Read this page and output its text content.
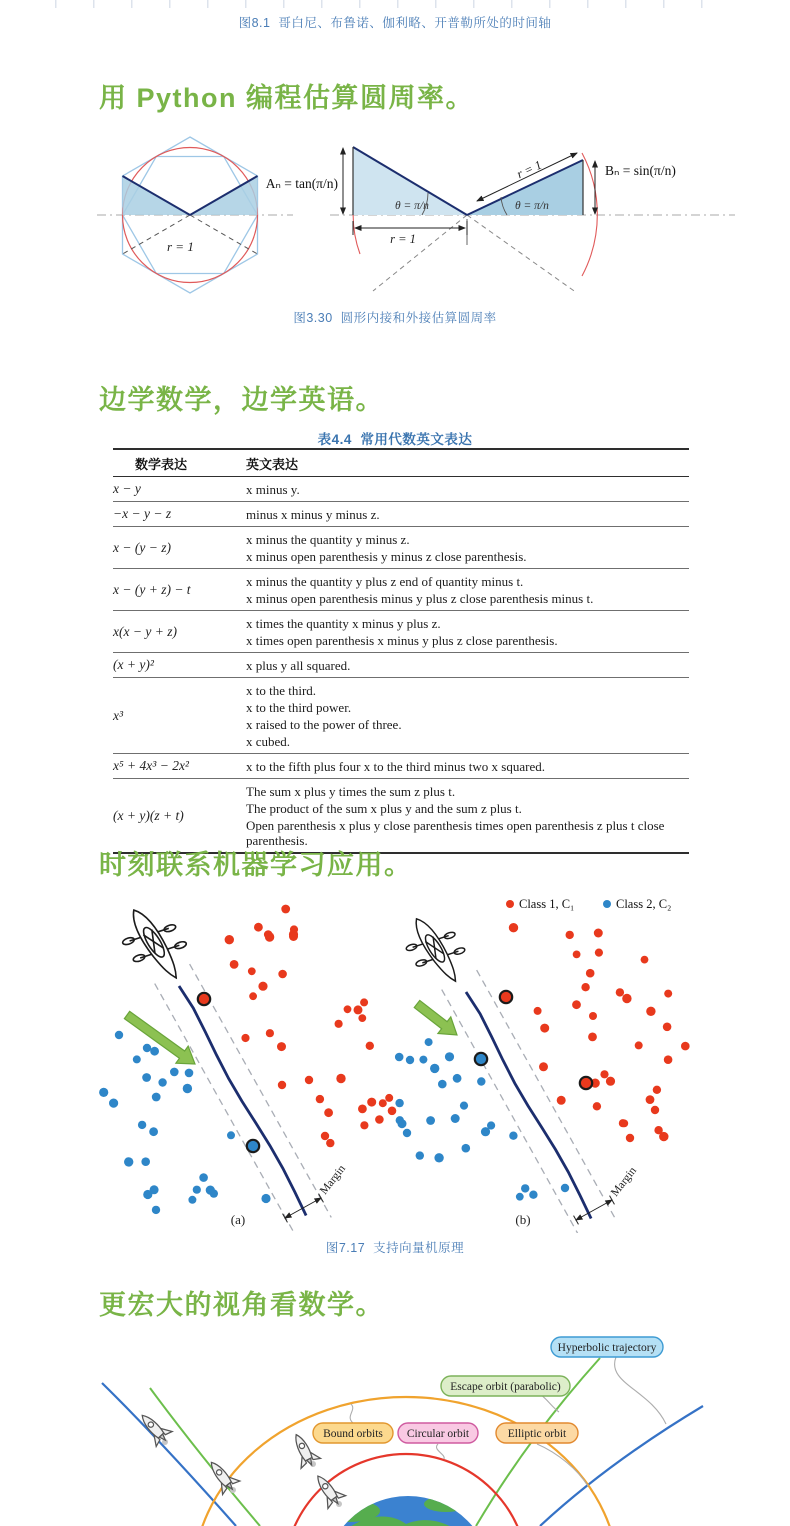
图8.1  哥白尼、布鲁诺、伽利略、开普勒所处的时间轴
用 Python 编程估算圆周率。
r = 1
Aₙ = tan(π/n)
r = 1
r = 1	Bₙ = sin(π/n)
θ = π/n	θ = π/n
图3.30  圆形内接和外接估算圆周率
边学数学，边学英语。
表4.4  常用代数英文表达
数学表达	英文表达
x − y	x minus y.

−x − y − z	minus x minus y minus z.

x − (y − z)	x minus the quantity y minus z.
x minus open parenthesis y minus z close parenthesis.

x − (y + z) − t	x minus the quantity y plus z end of quantity minus t.
x minus open parenthesis minus y plus z close parenthesis minus t.

x(x − y + z)	x times the quantity x minus y plus z.
x times open parenthesis x minus y plus z close parenthesis.

(x + y)²	x plus y all squared.

x³	x to the third.
x to the third power.
x raised to the power of three.
x cubed.

x⁵ + 4x³ − 2x²	x to the fifth plus four x to the third minus two x squared.

(x + y)(z + t)	The sum x plus y times the sum z plus t.
The product of the sum x plus y and the sum z plus t.
Open parenthesis x plus y close parenthesis times open parenthesis z plus t close parenthesis.
时刻联系机器学习应用。
Margin	Margin
Class 1, C₁	Class 2, C₂
(a)	(b)
图7.17  支持向量机原理
更宏大的视角看数学。
Hyperbolic trajectory
Escape orbit (parabolic)
Bound orbits Circular orbit	Elliptic orbit
